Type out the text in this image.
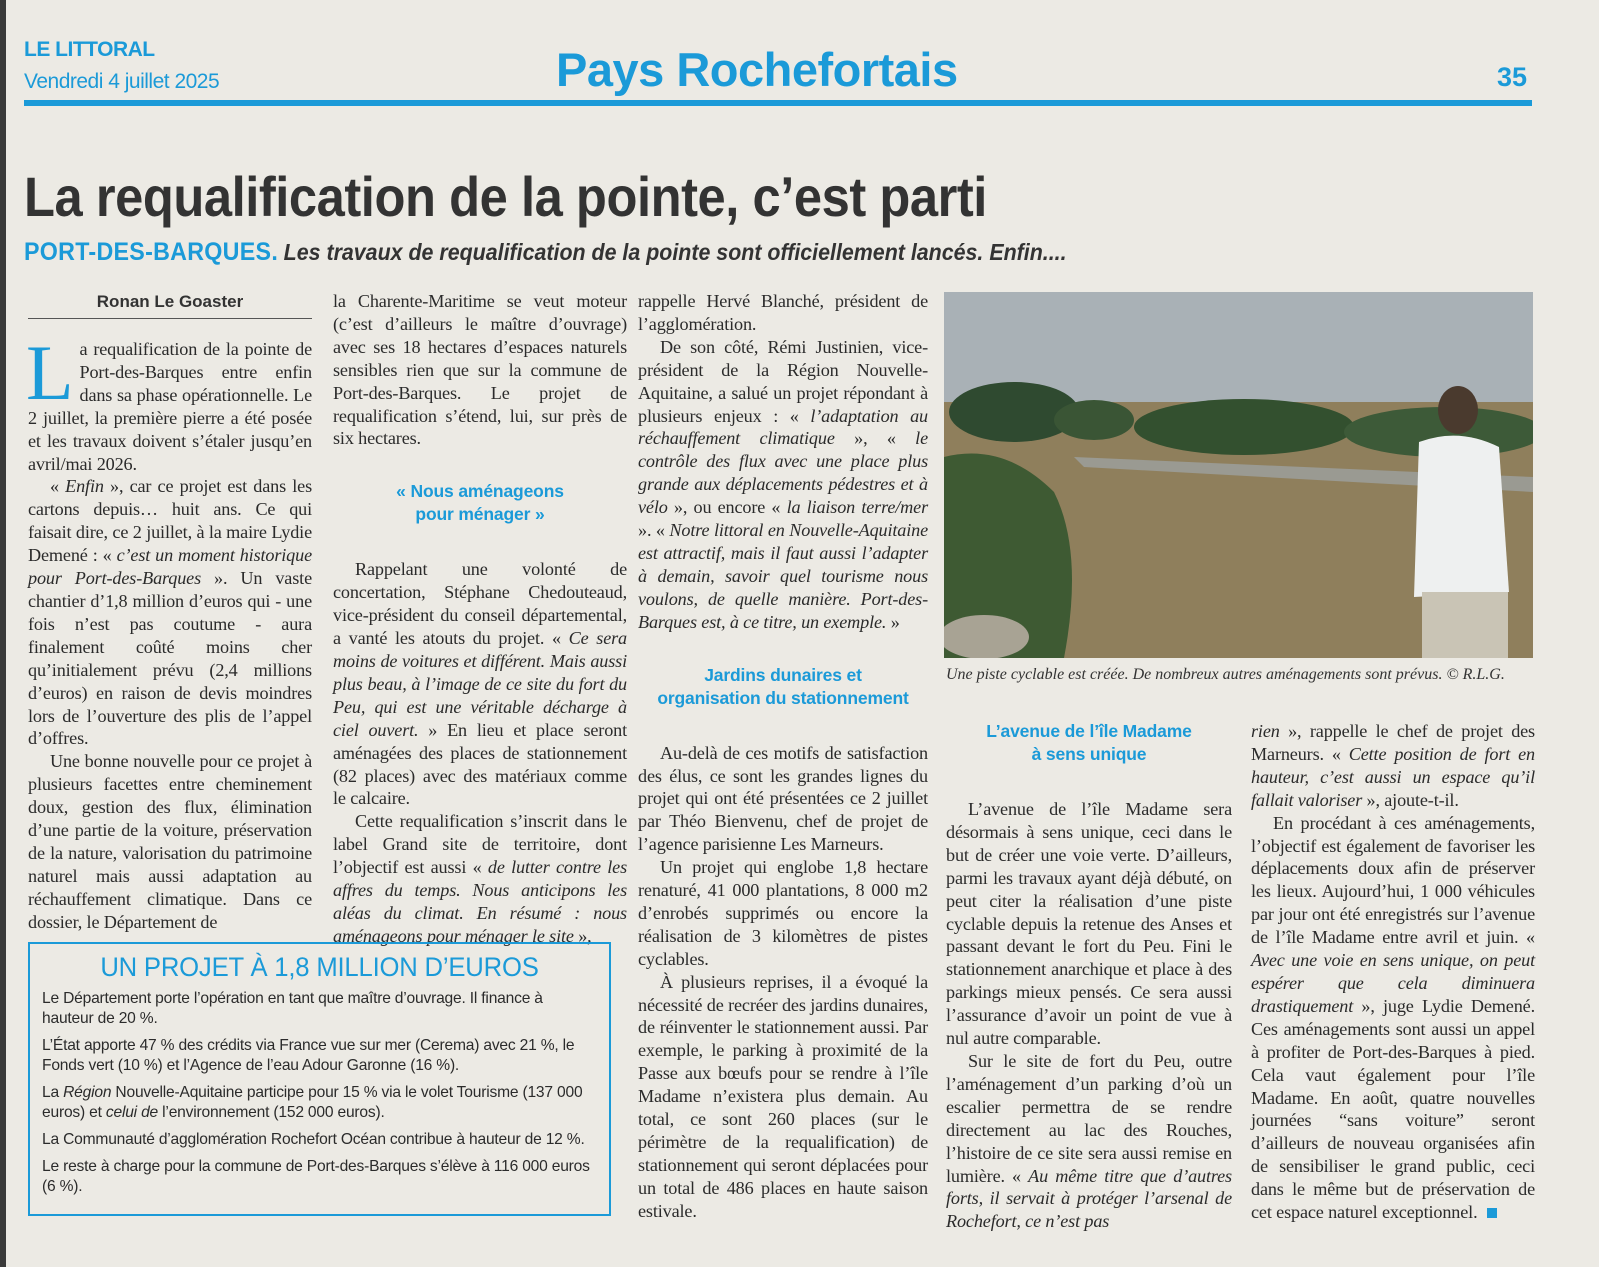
LE LITTORAL
Vendredi 4 juillet 2025	Pays Rochefortais	35
La requalification de la pointe, c’est parti
PORT-DES-BARQUES. Les travaux de requalification de la pointe sont officiellement lancés. Enfin....
Ronan Le Goaster

La requalification de la pointe de Port-des-Barques entre enfin dans sa phase opérationnelle. Le 2 juillet, la première pierre a été posée et les travaux doivent s’étaler jusqu’en avril/mai 2026.

« Enfin », car ce projet est dans les cartons depuis… huit ans. Ce qui faisait dire, ce 2 juillet, à la maire Lydie Demené : « c’est un moment historique pour Port-des-Barques ». Un vaste chantier d’1,8 million d’euros qui - une fois n’est pas coutume - aura finalement coûté moins cher qu’initialement prévu (2,4 millions d’euros) en raison de devis moindres lors de l’ouverture des plis de l’appel d’offres.

Une bonne nouvelle pour ce projet à plusieurs facettes entre cheminement doux, gestion des flux, élimination d’une partie de la voiture, préservation de la nature, valorisation du patrimoine naturel mais aussi adaptation au réchauffement climatique. Dans ce dossier, le Département de

la Charente-Maritime se veut moteur (c’est d’ailleurs le maître d’ouvrage) avec ses 18 hectares d’espaces naturels sensibles rien que sur la commune de Port-des-Barques. Le projet de requalification s’étend, lui, sur près de six hectares.

« Nous aménageons
pour ménager »

Rappelant une volonté de concertation, Stéphane Chedouteaud, vice-président du conseil départemental, a vanté les atouts du projet. « Ce sera moins de voitures et différent. Mais aussi plus beau, à l’image de ce site du fort du Peu, qui est une véritable décharge à ciel ouvert. » En lieu et place seront aménagées des places de stationnement (82 places) avec des matériaux comme le calcaire.

Cette requalification s’inscrit dans le label Grand site de territoire, dont l’objectif est aussi « de lutter contre les affres du temps. Nous anticipons les aléas du climat. En résumé : nous aménageons pour ménager le site »,

rappelle Hervé Blanché, président de l’agglomération.

De son côté, Rémi Justinien, vice-président de la Région Nouvelle-Aquitaine, a salué un projet répondant à plusieurs enjeux : « l’adaptation au réchauffement climatique », « le contrôle des flux avec une place plus grande aux déplacements pédestres et à vélo », ou encore « la liaison terre/mer ». « Notre littoral en Nouvelle-Aquitaine est attractif, mais il faut aussi l’adapter à demain, savoir quel tourisme nous voulons, de quelle manière. Port-des-Barques est, à ce titre, un exemple. »

Jardins dunaires et
organisation du stationnement

Au-delà de ces motifs de satisfaction des élus, ce sont les grandes lignes du projet qui ont été présentées ce 2 juillet par Théo Bienvenu, chef de projet de l’agence parisienne Les Marneurs.

Un projet qui englobe 1,8 hectare renaturé, 41 000 plantations, 8 000 m2 d’enrobés supprimés ou encore la réalisation de 3 kilomètres de pistes cyclables.

À plusieurs reprises, il a évoqué la nécessité de recréer des jardins dunaires, de réinventer le stationnement aussi. Par exemple, le parking à proximité de la Passe aux bœufs pour se rendre à l’île Madame n’existera plus demain. Au total, ce sont 260 places (sur le périmètre de la requalification) de stationnement qui seront déplacées pour un total de 486 places en haute saison estivale.

L’avenue de l’île Madame
à sens unique

L’avenue de l’île Madame sera désormais à sens unique, ceci dans le but de créer une voie verte. D’ailleurs, parmi les travaux ayant déjà débuté, on peut citer la réalisation d’une piste cyclable depuis la retenue des Anses et passant devant le fort du Peu. Fini le stationnement anarchique et place à des parkings mieux pensés. Ce sera aussi l’assurance d’avoir un point de vue à nul autre comparable.

Sur le site de fort du Peu, outre l’aménagement d’un parking d’où un escalier permettra de se rendre directement au lac des Rouches, l’histoire de ce site sera aussi remise en lumière. « Au même titre que d’autres forts, il servait à protéger l’arsenal de Rochefort, ce n’est pas

rien », rappelle le chef de projet des Marneurs. « Cette position de fort en hauteur, c’est aussi un espace qu’il fallait valoriser », ajoute-t-il.

En procédant à ces aménagements, l’objectif est également de favoriser les déplacements doux afin de préserver les lieux. Aujourd’hui, 1 000 véhicules par jour ont été enregistrés sur l’avenue de l’île Madame entre avril et juin. « Avec une voie en sens unique, on peut espérer que cela diminuera drastiquement », juge Lydie Demené. Ces aménagements sont aussi un appel à profiter de Port-des-Barques à pied. Cela vaut également pour l’île Madame. En août, quatre nouvelles journées “sans voiture” seront d’ailleurs de nouveau organisées afin de sensibiliser le grand public, ceci dans le même but de préservation de cet espace naturel exceptionnel.

Une piste cyclable est créée. De nombreux autres aménagements sont prévus. © R.L.G.
UN PROJET À 1,8 MILLION D’EUROS
Le Département porte l’opération en tant que maître d’ouvrage. Il finance à hauteur de 20 %.
L’État apporte 47 % des crédits via France vue sur mer (Cerema) avec 21 %, le Fonds vert (10 %) et l’Agence de l’eau Adour Garonne (16 %).
La Région Nouvelle-Aquitaine participe pour 15 % via le volet Tourisme (137 000 euros) et celui de l’environnement (152 000 euros).
La Communauté d’agglomération Rochefort Océan contribue à hauteur de 12 %.
Le reste à charge pour la commune de Port-des-Barques s’élève à 116 000 euros (6 %).
